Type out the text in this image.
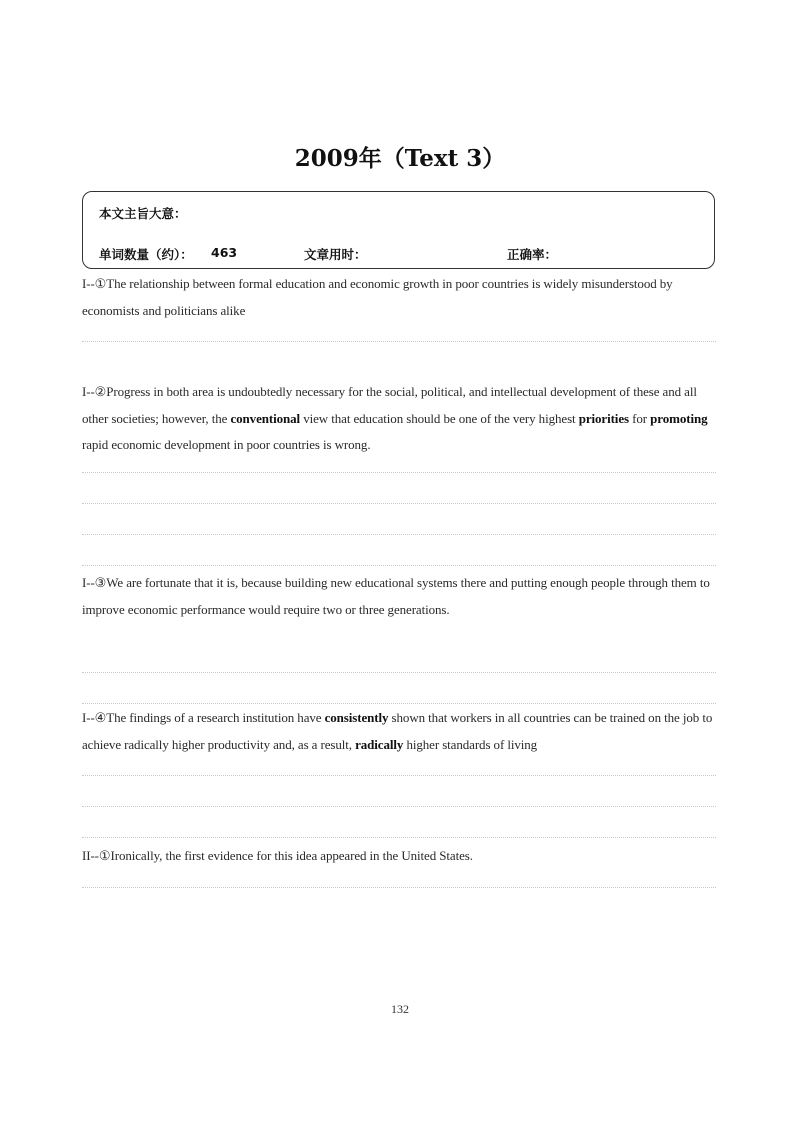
2009年（Text 3）
本文主旨大意：
单词数量（约）： 463	文章用时：	正确率：
I--①The relationship between formal education and economic growth in poor countries is widely misunderstood by economists and politicians alike
I--②Progress in both area is undoubtedly necessary for the social, political, and intellectual development of these and all other societies; however, the conventional view that education should be one of the very highest priorities for promoting rapid economic development in poor countries is wrong.
I--③We are fortunate that it is, because building new educational systems there and putting enough people through them to improve economic performance would require two or three generations.
I--④The findings of a research institution have consistently shown that workers in all countries can be trained on the job to achieve radically higher productivity and, as a result, radically higher standards of living
II--①Ironically, the first evidence for this idea appeared in the United States.
132
